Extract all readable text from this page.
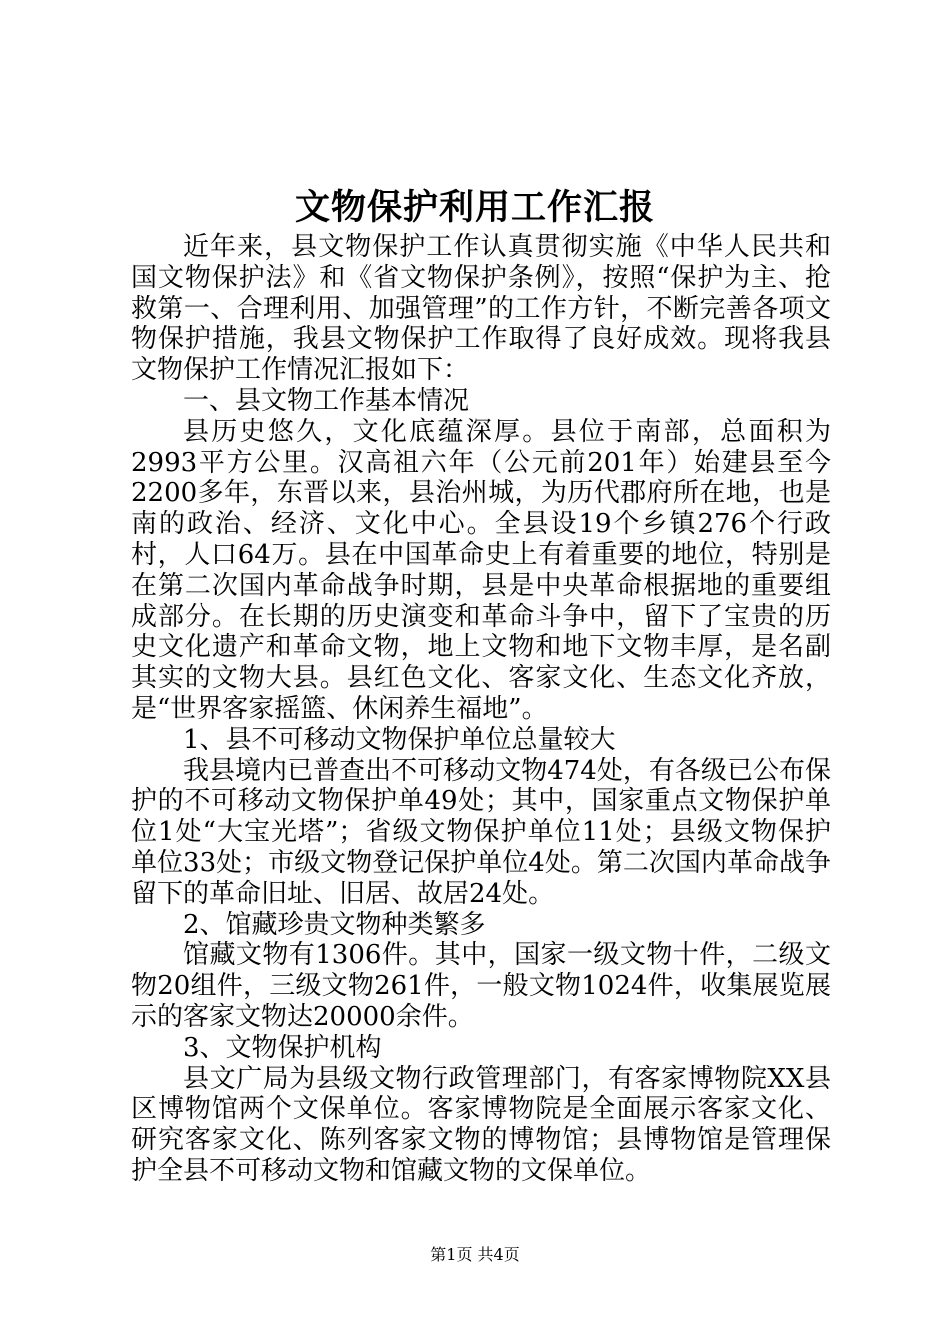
文物保护利用工作汇报

近年来，县文物保护工作认真贯彻实施《中华人民共和国文物保护法》和《省文物保护条例》，按照“保护为主、抢救第一、合理利用、加强管理”的工作方针，不断完善各项文物保护措施，我县文物保护工作取得了良好成效。现将我县文物保护工作情况汇报如下：

一、县文物工作基本情况

县历史悠久，文化底蕴深厚。县位于南部，总面积为2993平方公里。汉高祖六年（公元前201年）始建县至今2200多年，东晋以来，县治州城，为历代郡府所在地，也是南的政治、经济、文化中心。全县设19个乡镇276个行政村，人口64万。县在中国革命史上有着重要的地位，特别是在第二次国内革命战争时期，县是中央革命根据地的重要组成部分。在长期的历史演变和革命斗争中，留下了宝贵的历史文化遗产和革命文物，地上文物和地下文物丰厚，是名副其实的文物大县。县红色文化、客家文化、生态文化齐放，是“世界客家摇篮、休闲养生福地”。

1、县不可移动文物保护单位总量较大

我县境内已普查出不可移动文物474处，有各级已公布保护的不可移动文物保护单49处；其中，国家重点文物保护单位1处“大宝光塔”；省级文物保护单位11处；县级文物保护单位33处；市级文物登记保护单位4处。第二次国内革命战争留下的革命旧址、旧居、故居24处。

2、馆藏珍贵文物种类繁多

馆藏文物有1306件。其中，国家一级文物十件，二级文物20组件，三级文物261件，一般文物1024件，收集展览展示的客家文物达20000余件。

3、文物保护机构

县文广局为县级文物行政管理部门，有客家博物院XX县区博物馆两个文保单位。客家博物院是全面展示客家文化、研究客家文化、陈列客家文物的博物馆；县博物馆是管理保护全县不可移动文物和馆藏文物的文保单位。

第1页 共4页
